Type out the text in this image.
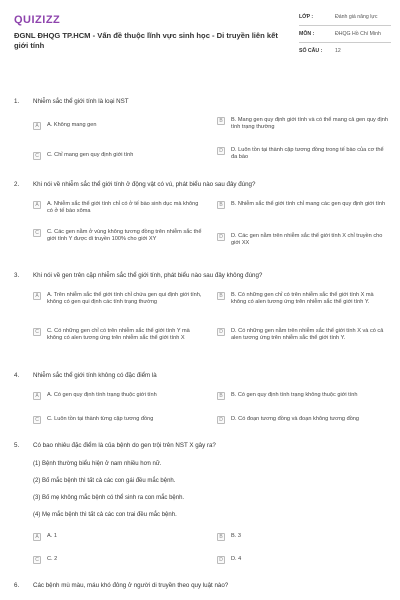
QUIZIZZ
ĐGNL ĐHQG TP.HCM - Vấn đề thuộc lĩnh vực sinh học - Di truyền liên kết giới tính
LỚP :	Đánh giá năng lực
MÔN :	ĐHQG Hồ Chí Minh
SỐ CÂU :	12
1. Nhiễm sắc thể giới tính là loại NST
A	A. Không mang gen
B	B. Mang gen quy định giới tính và có thể mang cả gen quy định tính trạng thường
C	C. Chỉ mang gen quy định giới tính
D	D. Luôn tồn tại thành cặp tương đồng trong tế bào của cơ thể đa bào
2. Khi nói về nhiễm sắc thể giới tính ở động vật có vú, phát biểu nào sau đây đúng?
A	A. Nhiễm sắc thể giới tính chỉ có ở tế bào sinh dục mà không có ở tế bào xôma
B	B. Nhiễm sắc thể giới tính chỉ mang các gen quy định giới tính
C	C. Các gen nằm ở vùng không tương đồng trên nhiễm sắc thể giới tính Y được di truyền 100% cho giới XY	D	D. Các gen nằm trên nhiễm sắc thể giới tính X chỉ truyền cho giới XX
3. Khi nói về gen trên cặp nhiễm sắc thể giới tính, phát biểu nào sau đây không đúng?
A	A. Trên nhiễm sắc thể giới tính chỉ chứa gen qui định giới tính, không có gen qui định các tính trạng thường
B	B. Có những gen chỉ có trên nhiễm sắc thể giới tính X mà không có alen tương ứng trên nhiễm sắc thể giới tính Y.
C	C. Có những gen chỉ có trên nhiễm sắc thể giới tính Y mà không có alen tương ứng trên nhiễm sắc thể giới tính X
D	D. Có những gen nằm trên nhiễm sắc thể giới tính X và có cả alen tương ứng trên nhiễm sắc thể giới tính Y.
4. Nhiễm sắc thể giới tính không có đặc điểm là
A	A. Có gen quy định tính trạng thuộc giới tính	B	B. Có gen quy định tính trạng không thuộc giới tính
C	C. Luôn tồn tại thành từng cặp tương đồng	D	D. Có đoạn tương đồng và đoạn không tương đồng
5. Có bao nhiêu đặc điểm là của bệnh do gen trội trên NST X gây ra?
(1) Bệnh thường biểu hiện ở nam nhiều hơn nữ.
(2) Bố mắc bệnh thì tất cả các con gái đều mắc bệnh.
(3) Bố mẹ không mắc bệnh có thể sinh ra con mắc bệnh.
(4) Mẹ mắc bệnh thì tất cả các con trai đều mắc bệnh.
A	A. 1	B	B. 3
C	C. 2	D	D. 4
6. Các bệnh mù màu, máu khó đông ở người di truyền theo quy luật nào?
